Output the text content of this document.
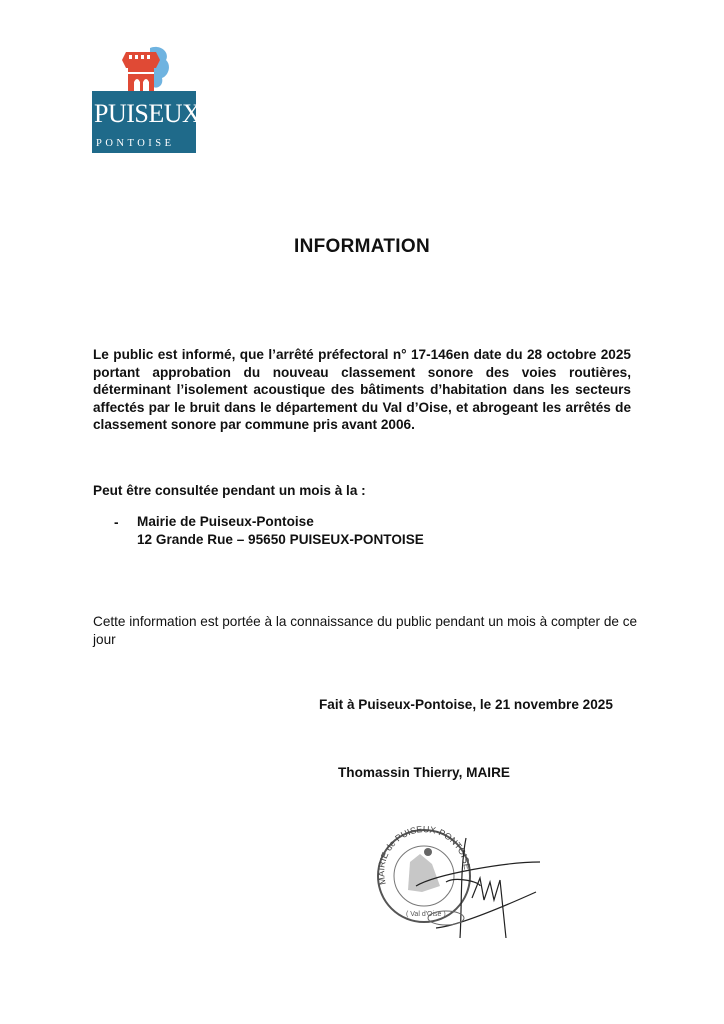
PUISEUX
PONTOISE
INFORMATION
Le public est informé, que l’arrêté préfectoral n° 17-146en date du 28 octobre 2025 portant approbation du nouveau classement sonore des voies routières, déterminant l’isolement acoustique des bâtiments d’habitation dans les secteurs affectés par le bruit dans le département du Val d’Oise, et abrogeant les arrêtés de classement sonore par commune pris avant 2006.
Peut être consultée pendant un mois à la :
- Mairie de Puiseux-Pontoise
12 Grande Rue – 95650 PUISEUX-PONTOISE
Cette information est portée à la connaissance du public pendant un mois à compter de ce jour
Fait à Puiseux-Pontoise, le 21 novembre 2025
Thomassin Thierry, MAIRE
MAIRIE de PUISEUX-PONTOISE
( Val d'Oise )
